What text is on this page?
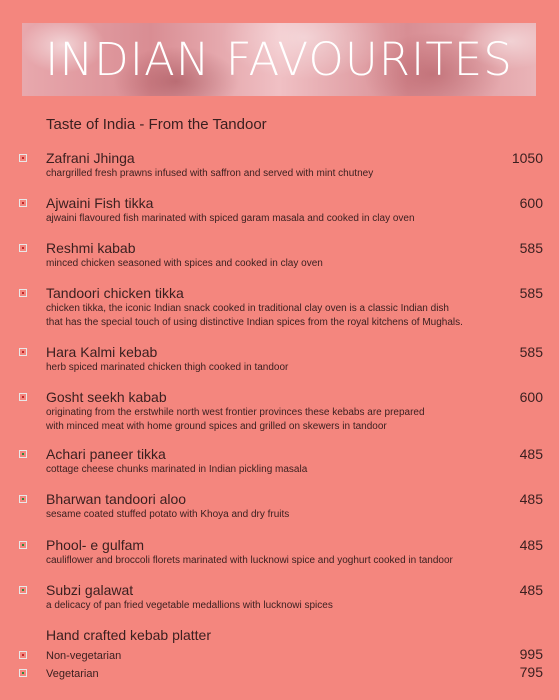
INDIAN FAVOURITES
Taste of India - From the Tandoor
Zafrani Jhinga	1050
chargrilled fresh prawns infused with saffron and served with mint chutney
Ajwaini Fish tikka	600
ajwaini flavoured fish marinated with spiced garam masala and cooked in clay oven
Reshmi kabab	585
minced chicken seasoned with spices and cooked in clay oven
Tandoori chicken tikka	585
chicken tikka, the iconic Indian snack cooked in traditional clay oven is a classic Indian dish
that has the special touch of using distinctive Indian spices from the royal kitchens of Mughals.
Hara Kalmi kebab	585
herb spiced marinated chicken thigh cooked in tandoor
Gosht seekh kabab	600
originating from the erstwhile north west frontier provinces these kebabs are prepared
with minced meat with home ground spices and grilled on skewers in tandoor
Achari paneer tikka	485
cottage cheese chunks marinated in Indian pickling masala
Bharwan tandoori aloo	485
sesame coated stuffed potato with Khoya and dry fruits
Phool- e gulfam	485
cauliflower and broccoli florets marinated with lucknowi spice and yoghurt cooked in tandoor
Subzi galawat	485
a delicacy of pan fried vegetable medallions with lucknowi spices
Hand crafted kebab platter
Non-vegetarian	995
Vegetarian	795
